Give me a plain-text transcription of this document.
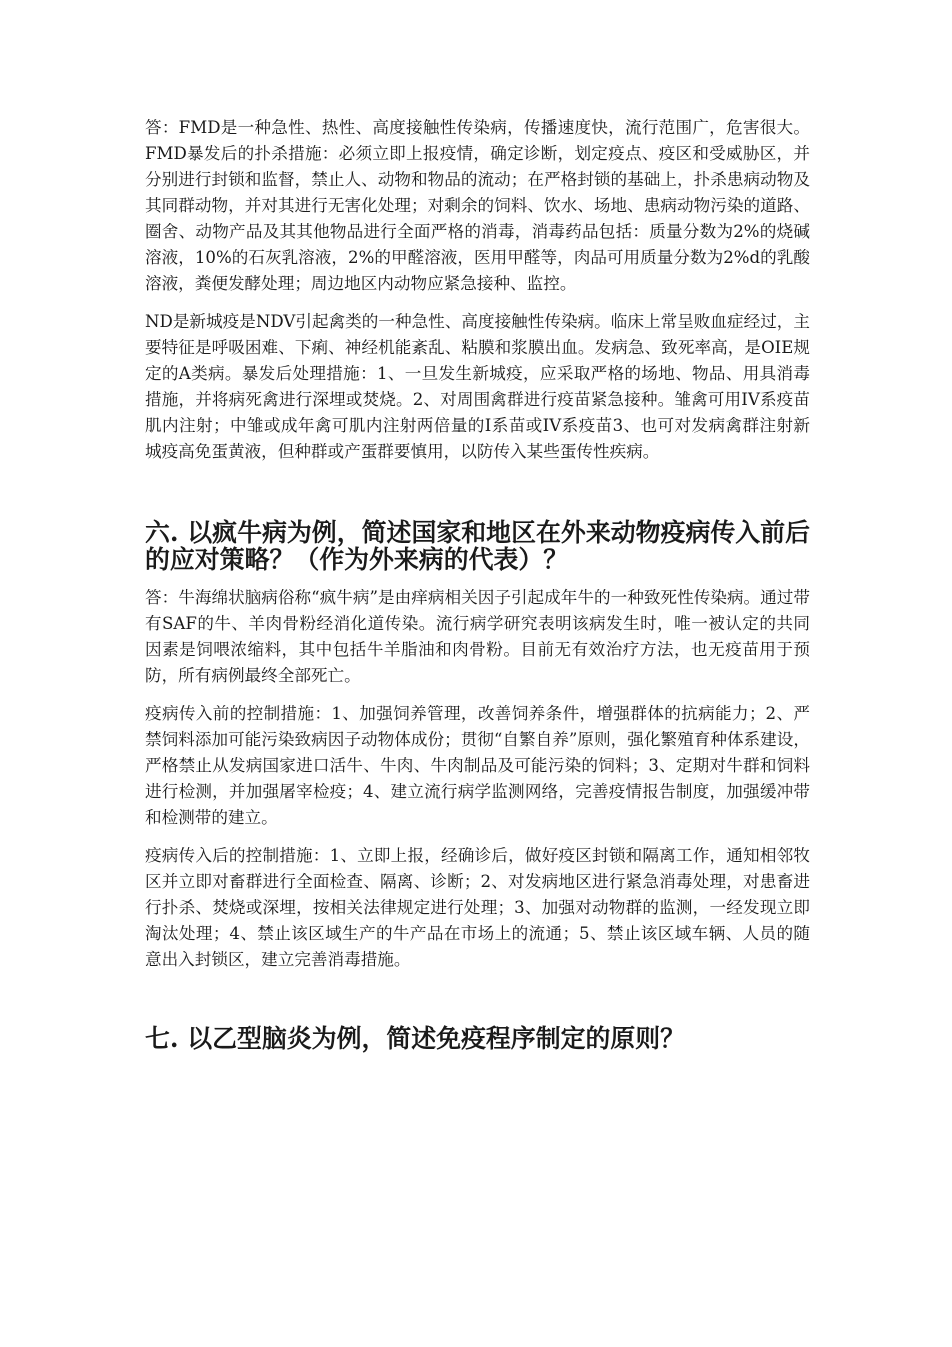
答：FMD是一种急性、热性、高度接触性传染病，传播速度快，流行范围广，危害很大。FMD暴发后的扑杀措施：必须立即上报疫情，确定诊断，划定疫点、疫区和受威胁区，并分别进行封锁和监督，禁止人、动物和物品的流动；在严格封锁的基础上，扑杀患病动物及其同群动物，并对其进行无害化处理；对剩余的饲料、饮水、场地、患病动物污染的道路、圈舍、动物产品及其其他物品进行全面严格的消毒，消毒药品包括：质量分数为2%的烧碱溶液，10%的石灰乳溶液，2%的甲醛溶液，医用甲醛等，肉品可用质量分数为2%d的乳酸溶液，粪便发酵处理；周边地区内动物应紧急接种、监控。

ND是新城疫是NDV引起禽类的一种急性、高度接触性传染病。临床上常呈败血症经过，主要特征是呼吸困难、下痢、神经机能紊乱、粘膜和浆膜出血。发病急、致死率高，是OIE规定的A类病。暴发后处理措施：1、一旦发生新城疫，应采取严格的场地、物品、用具消毒措施，并将病死禽进行深埋或焚烧。2、对周围禽群进行疫苗紧急接种。雏禽可用IV系疫苗肌内注射；中雏或成年禽可肌内注射两倍量的I系苗或IV系疫苗3、也可对发病禽群注射新城疫高免蛋黄液，但种群或产蛋群要慎用，以防传入某些蛋传性疾病。

六. 以疯牛病为例，简述国家和地区在外来动物疫病传入前后的应对策略？（作为外来病的代表）？

答：牛海绵状脑病俗称“疯牛病”是由痒病相关因子引起成年牛的一种致死性传染病。通过带有SAF的牛、羊肉骨粉经消化道传染。流行病学研究表明该病发生时，唯一被认定的共同因素是饲喂浓缩料，其中包括牛羊脂油和肉骨粉。目前无有效治疗方法，也无疫苗用于预防，所有病例最终全部死亡。

疫病传入前的控制措施：1、加强饲养管理，改善饲养条件，增强群体的抗病能力；2、严禁饲料添加可能污染致病因子动物体成份；贯彻“自繁自养”原则，强化繁殖育种体系建设，严格禁止从发病国家进口活牛、牛肉、牛肉制品及可能污染的饲料；3、定期对牛群和饲料进行检测，并加强屠宰检疫；4、建立流行病学监测网络，完善疫情报告制度，加强缓冲带和检测带的建立。

疫病传入后的控制措施：1、立即上报，经确诊后，做好疫区封锁和隔离工作，通知相邻牧区并立即对畜群进行全面检查、隔离、诊断；2、对发病地区进行紧急消毒处理，对患畜进行扑杀、焚烧或深埋，按相关法律规定进行处理；3、加强对动物群的监测，一经发现立即淘汰处理；4、禁止该区域生产的牛产品在市场上的流通；5、禁止该区域车辆、人员的随意出入封锁区，建立完善消毒措施。

七. 以乙型脑炎为例，简述免疫程序制定的原则？
